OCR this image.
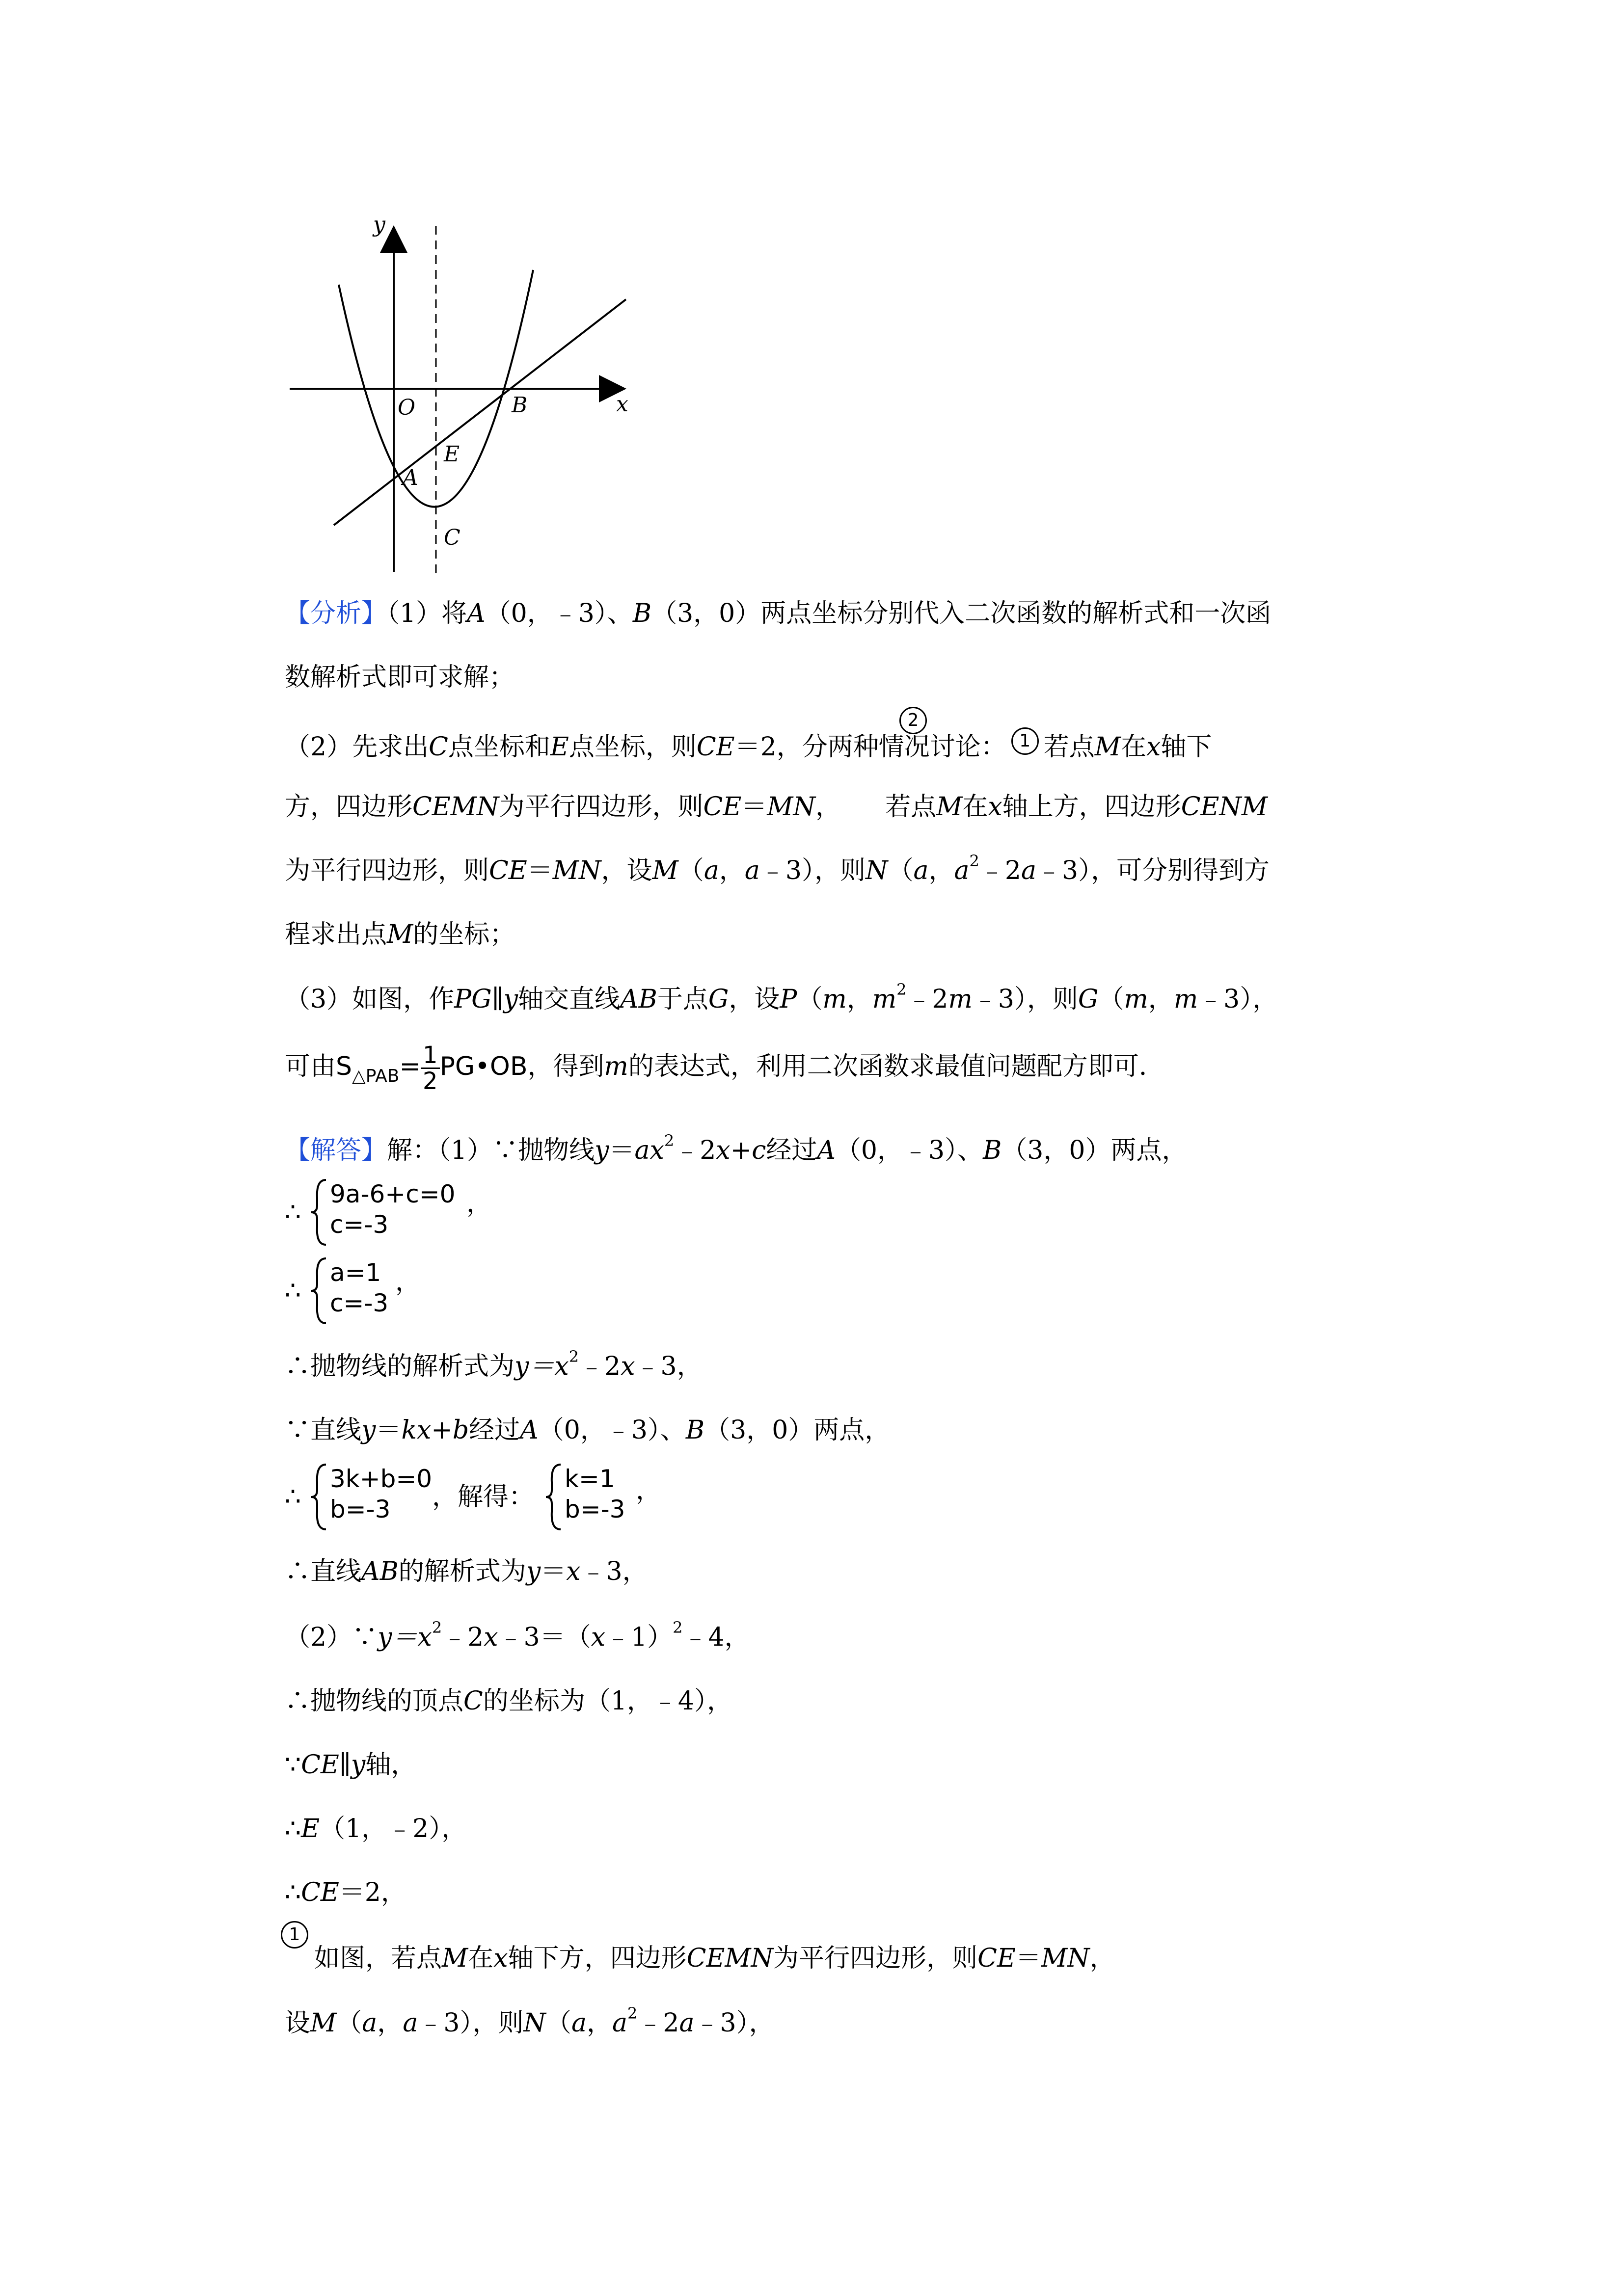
y
x
O	B
E
A
C
【分析】（1）将A（0，﹣3）、B（3，0）两点坐标分别代入二次函数的解析式和一次函
数解析式即可求解；
（2）先求出C点坐标和E点坐标，则CE＝2，分两种情况讨论： 1 若点M在x轴下
2
方，四边形CEMN为平行四边形，则CE＝MN， 若点M在x轴上方，四边形CENM
为平行四边形，则CE＝MN，设M（a，a﹣3），则N（a，$a^2﹣2a﹣3$），可分别得到方
程求出点M的坐标；
（3）如图，作PG∥y轴交直线AB于点G，设P（m，$m^2﹣2m﹣3$），则G（m，m﹣3），
可由$S_{\triangle PAB}= \frac{1}{2}$ PG•OB，得到m的表达式，利用二次函数求最值问题配方即可．
【解答】解：（1）∵抛物线$y=ax^2﹣2x+c$经过A（0，﹣3）、B（3，0）两点，
∴
9a-6+c=0
c=-3
，
∴
a=1
c=-3
，
∴抛物线的解析式为$y=x^2﹣2x﹣3$，
∵直线y＝kx+b经过A（0，﹣3）、B（3，0）两点，
∴
3k+b=0
b=-3	，解得：
k=1
b=-3
，
∴直线AB的解析式为y＝x﹣3，
$(2)\because y=x^2﹣2x﹣3=(x﹣1)^2﹣4$，
∴抛物线的顶点C的坐标为（1，﹣4），
∵CE∥y轴，
∴E（1，﹣2），
∴CE＝2，
1
如图，若点M在x轴下方，四边形CEMN为平行四边形，则CE＝MN，
设M（a，a﹣3），则N（a，$a^2﹣2a﹣3$），
